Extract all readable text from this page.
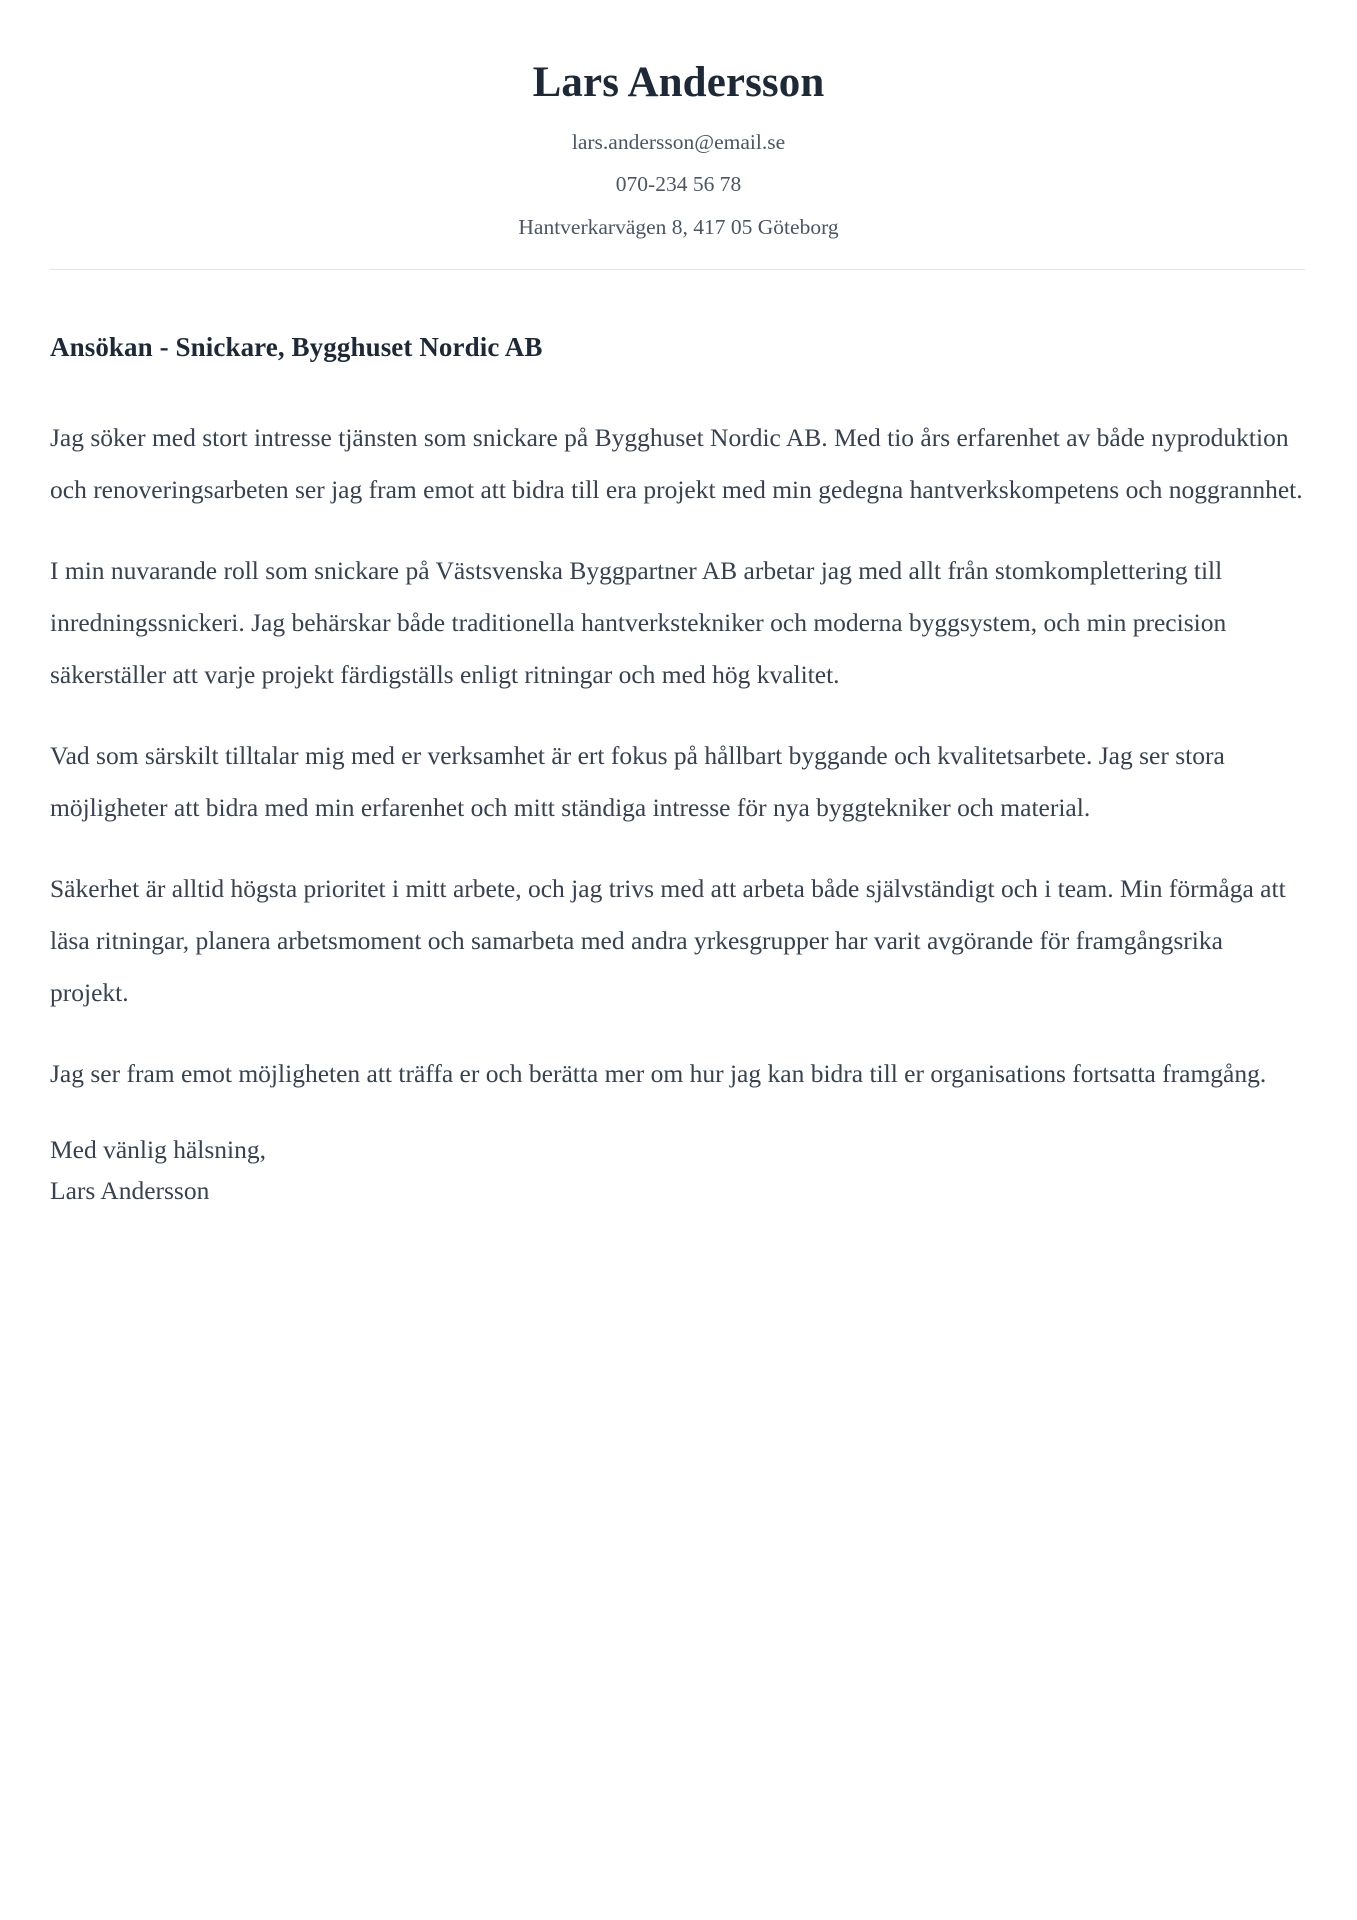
Lars Andersson
lars.andersson@email.se
070-234 56 78
Hantverkarvägen 8, 417 05 Göteborg
Ansökan - Snickare, Bygghuset Nordic AB

Jag söker med stort intresse tjänsten som snickare på Bygghuset Nordic AB. Med tio års erfarenhet av både nyproduktion och renoveringsarbeten ser jag fram emot att bidra till era projekt med min gedegna hantverkskompetens och noggrannhet.

I min nuvarande roll som snickare på Västsvenska Byggpartner AB arbetar jag med allt från stomkomplettering till inredningssnickeri. Jag behärskar både traditionella hantverkstekniker och moderna byggsystem, och min precision säkerställer att varje projekt färdigställs enligt ritningar och med hög kvalitet.

Vad som särskilt tilltalar mig med er verksamhet är ert fokus på hållbart byggande och kvalitetsarbete. Jag ser stora möjligheter att bidra med min erfarenhet och mitt ständiga intresse för nya byggtekniker och material.

Säkerhet är alltid högsta prioritet i mitt arbete, och jag trivs med att arbeta både självständigt och i team. Min förmåga att läsa ritningar, planera arbetsmoment och samarbeta med andra yrkesgrupper har varit avgörande för framgångsrika projekt.

Jag ser fram emot möjligheten att träffa er och berätta mer om hur jag kan bidra till er organisations fortsatta framgång.

Med vänlig hälsning,
Lars Andersson
